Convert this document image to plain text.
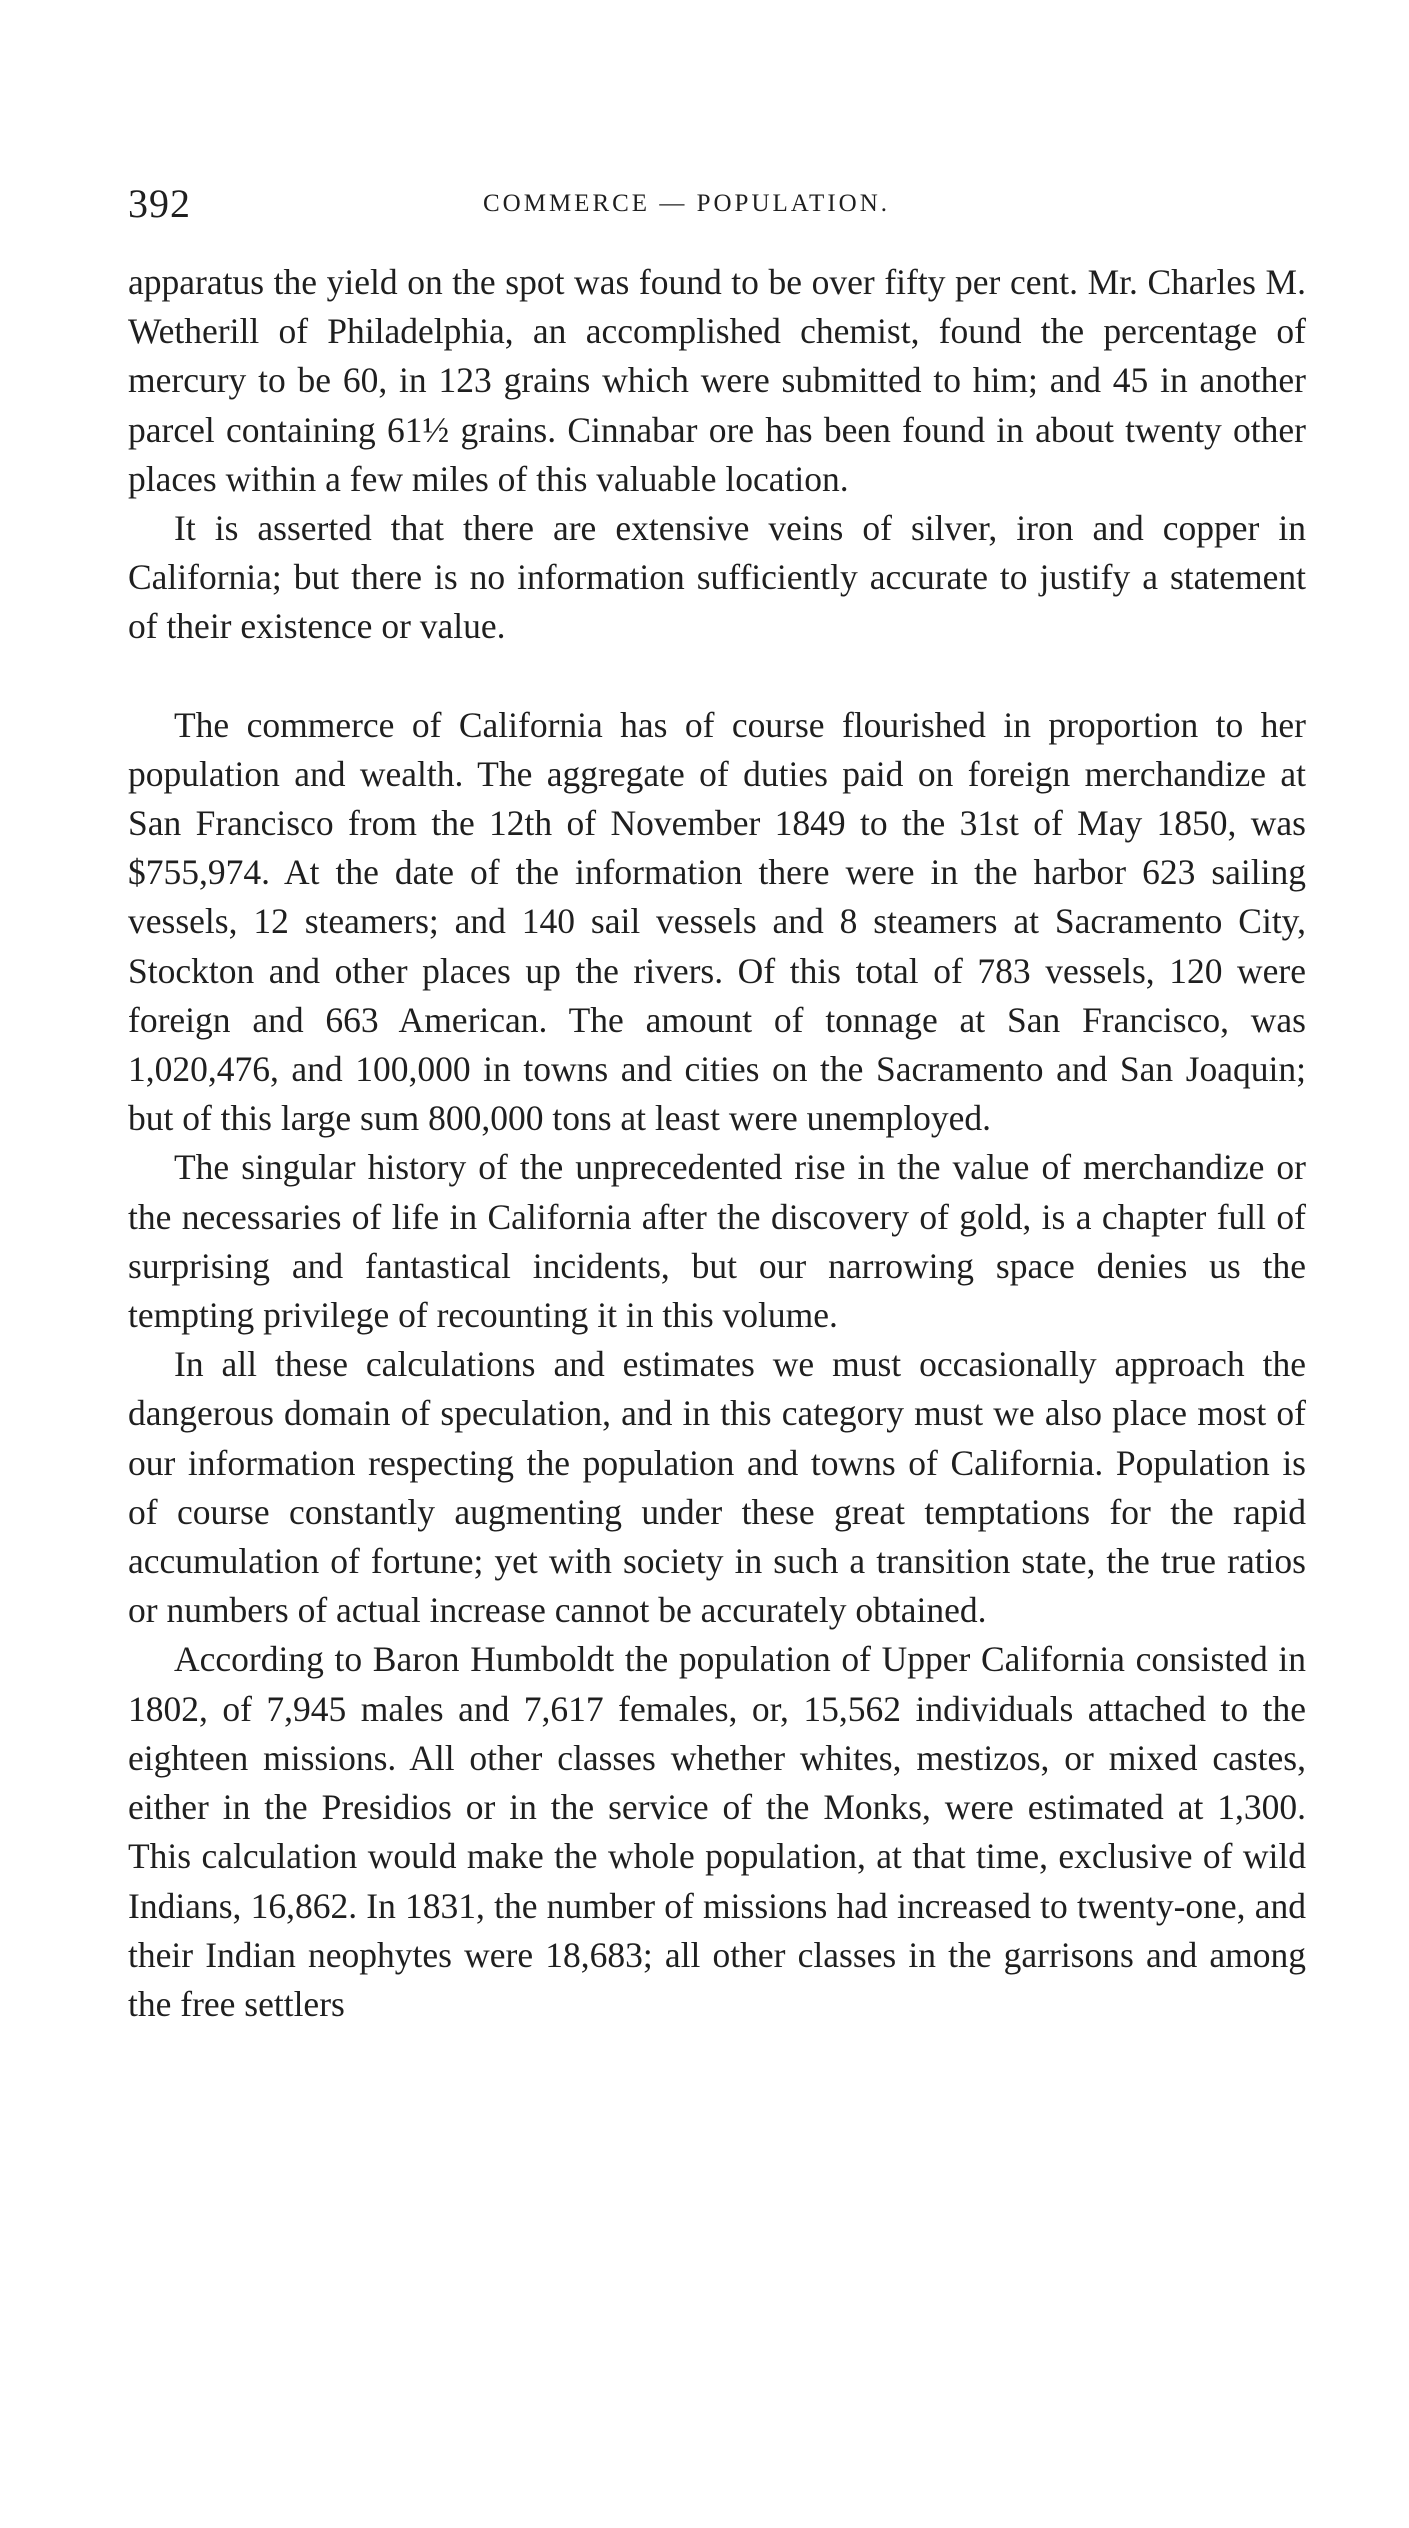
392	COMMERCE — POPULATION.

apparatus the yield on the spot was found to be over fifty per cent. Mr. Charles M. Wetherill of Philadelphia, an accomplished chemist, found the percentage of mercury to be 60, in 123 grains which were submitted to him; and 45 in another parcel containing 61½ grains. Cinnabar ore has been found in about twenty other places within a few miles of this valuable location.

It is asserted that there are extensive veins of silver, iron and copper in California; but there is no information sufficiently accurate to justify a statement of their existence or value.

The commerce of California has of course flourished in proportion to her population and wealth. The aggregate of duties paid on foreign merchandize at San Francisco from the 12th of November 1849 to the 31st of May 1850, was $755,974. At the date of the information there were in the harbor 623 sailing vessels, 12 steamers; and 140 sail vessels and 8 steamers at Sacramento City, Stockton and other places up the rivers. Of this total of 783 vessels, 120 were foreign and 663 American. The amount of tonnage at San Francisco, was 1,020,476, and 100,000 in towns and cities on the Sacramento and San Joaquin; but of this large sum 800,000 tons at least were unemployed.

The singular history of the unprecedented rise in the value of merchandize or the necessaries of life in California after the discovery of gold, is a chapter full of surprising and fantastical incidents, but our narrowing space denies us the tempting privilege of recounting it in this volume.

In all these calculations and estimates we must occasionally approach the dangerous domain of speculation, and in this category must we also place most of our information respecting the population and towns of California. Population is of course constantly augmenting under these great temptations for the rapid accumulation of fortune; yet with society in such a transition state, the true ratios or numbers of actual increase cannot be accurately obtained.

According to Baron Humboldt the population of Upper California consisted in 1802, of 7,945 males and 7,617 females, or, 15,562 individuals attached to the eighteen missions. All other classes whether whites, mestizos, or mixed castes, either in the Presidios or in the service of the Monks, were estimated at 1,300. This calculation would make the whole population, at that time, exclusive of wild Indians, 16,862. In 1831, the number of missions had increased to twenty-one, and their Indian neophytes were 18,683; all other classes in the garrisons and among the free settlers
